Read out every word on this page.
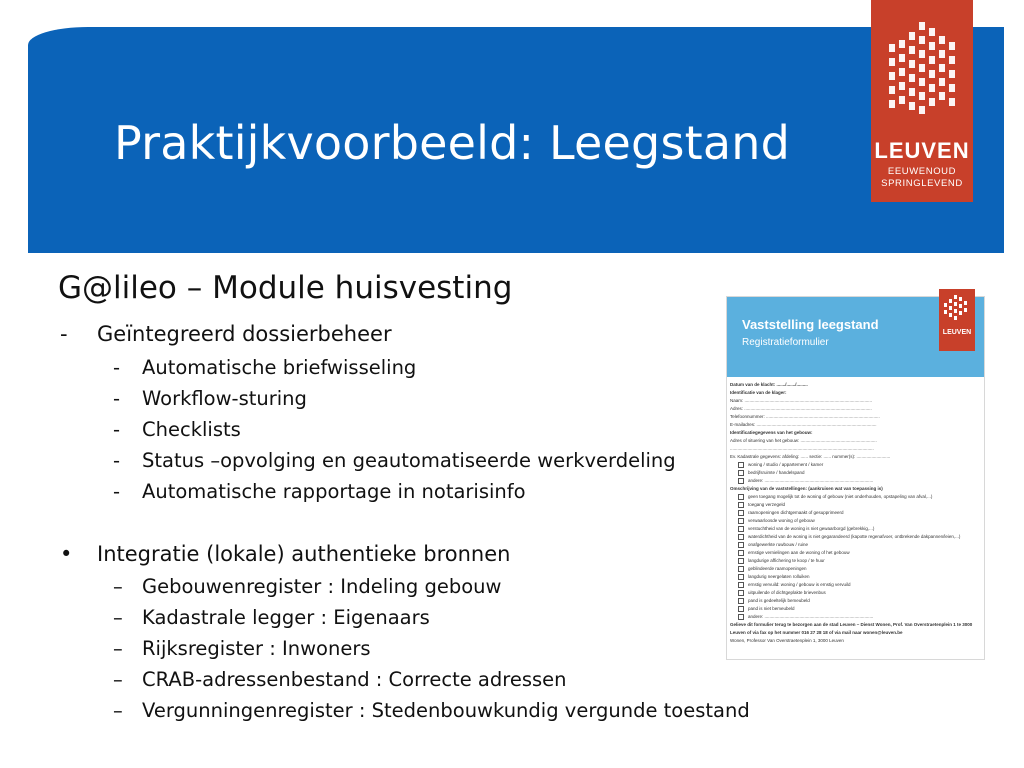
Praktijkvoorbeeld: Leegstand	LEUVEN
EEUWENOUD
SPRINGLEVEND
G@lileo – Module huisvesting
- Geïntegreerd dossierbeheer
- Automatische briefwisseling
- Workflow-sturing
- Checklists
- Status –opvolging en geautomatiseerde werkverdeling
- Automatische rapportage in notarisinfo
• Integratie (lokale) authentieke bronnen
– Gebouwenregister : Indeling gebouw
– Kadastrale legger : Eigenaars
– Rijksregister : Inwoners
– CRAB-adressenbestand : Correcte adressen
– Vergunningenregister : Stedenbouwkundig vergunde toestand
Vaststelling leegstand
Registratieformulier
LEUVEN
Datum van de klacht: ......./......./.........
Identificatie van de klager:
Naam: ......................................................................................................
Adres: ......................................................................................................
Telefoonnummer: ...........................................................................................
E-mailadres: ................................................................................................
Identificatiegegevens van het gebouw:
Adres of situering van het gebouw: .............................................................
...................................................................................................................
Ev. Kadastrale gegevens: afdeling: ...... sectie: ...... nummer(s): ...........................
woning / studio / appartement / kamer
bedrijfsruimte / handelspand
andere: .......................................................................................
Omschrijving van de vaststellingen: (aankruisen wat van toepassing is)
geen toegang mogelijk tot de woning of gebouw (niet onderhouden, opstapeling van afval,...)
toegang verzegeld
raamopeningen dichtgemaakt of gesupprimeerd
verwaarloosde woning of gebouw
verstuchtheid van de woning is niet gewaarborgd (gebrekkig,...)
waterdichtheid van de woning is niet gegarandeerd (kapotte regenafvoer, ontbrekende dakpannen/leien,...)
onafgewerkte ruwbouw / ruine
ernstige vernielingen aan de woning of het gebouw
langdurige affichering te koop / te huur
geblindeerde raamopeningen
langdurig neergelaten rolluiken
ernstig vervuild: woning / gebouw is ernstig vervuild
uitpuilende of dichtgeplakte brievenbus
pand is gedeeltelijk bemeubeld
pand is niet bemeubeld
andere: .......................................................................................
Gelieve dit formulier terug te bezorgen aan de stad Leuven – Dienst Wonen, Prof. Van Overstraetenplein 1 te 3000
Leuven of via fax op het nummer 016 27 28 18 of via mail naar wonen@leuven.be
Wonen, Professor Van Overstraetenplein 1, 3000 Leuven
